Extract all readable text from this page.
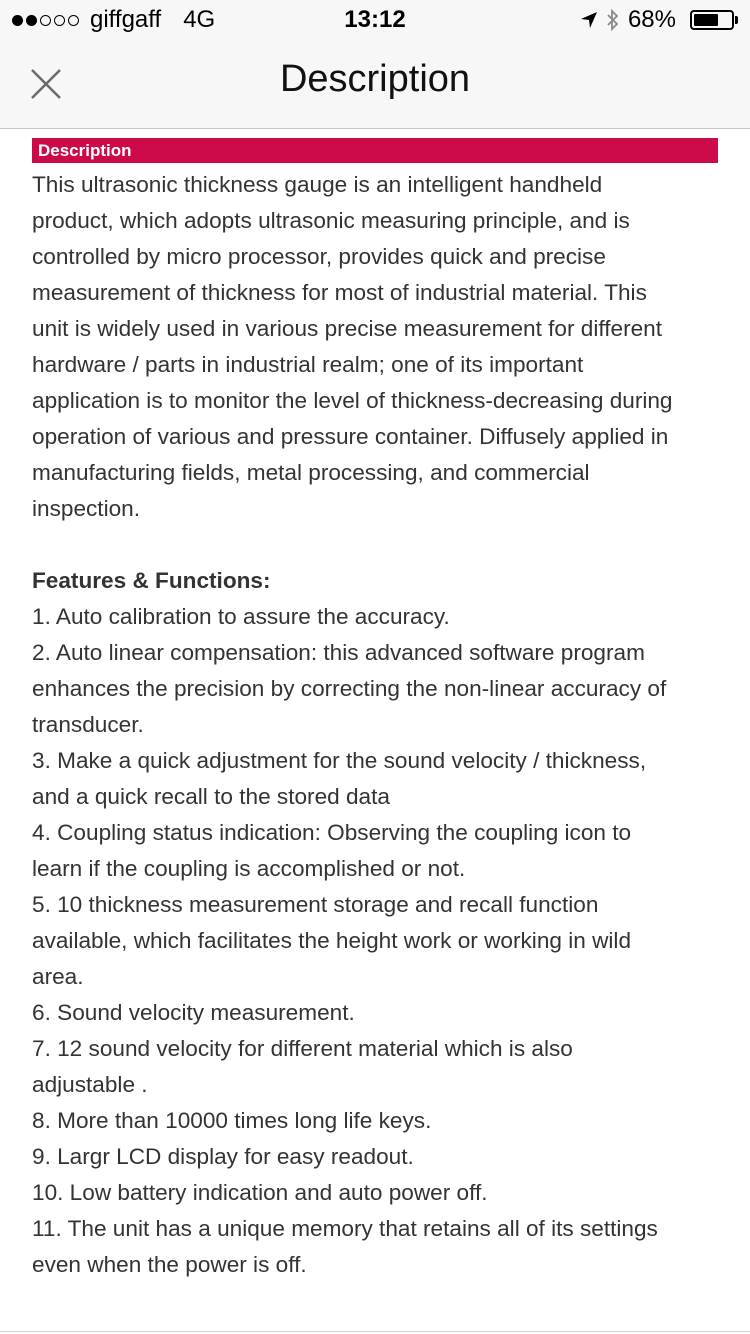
giffgaff 4G	13:12	68%
Description
Description
This ultrasonic thickness gauge is an intelligent handheld
product, which adopts ultrasonic measuring principle, and is
controlled by micro processor, provides quick and precise
measurement of thickness for most of industrial material. This
unit is widely used in various precise measurement for different
hardware / parts in industrial realm; one of its important
application is to monitor the level of thickness-decreasing during
operation of various and pressure container. Diffusely applied in
manufacturing fields, metal processing, and commercial
inspection.
Features & Functions:
1. Auto calibration to assure the accuracy.
2. Auto linear compensation: this advanced software program
enhances the precision by correcting the non-linear accuracy of
transducer.
3. Make a quick adjustment for the sound velocity / thickness,
and a quick recall to the stored data
4. Coupling status indication: Observing the coupling icon to
learn if the coupling is accomplished or not.
5. 10 thickness measurement storage and recall function
available, which facilitates the height work or working in wild
area.
6. Sound velocity measurement.
7. 12 sound velocity for different material which is also
adjustable .
8. More than 10000 times long life keys.
9. Largr LCD display for easy readout.
10. Low battery indication and auto power off.
11. The unit has a unique memory that retains all of its settings
even when the power is off.
